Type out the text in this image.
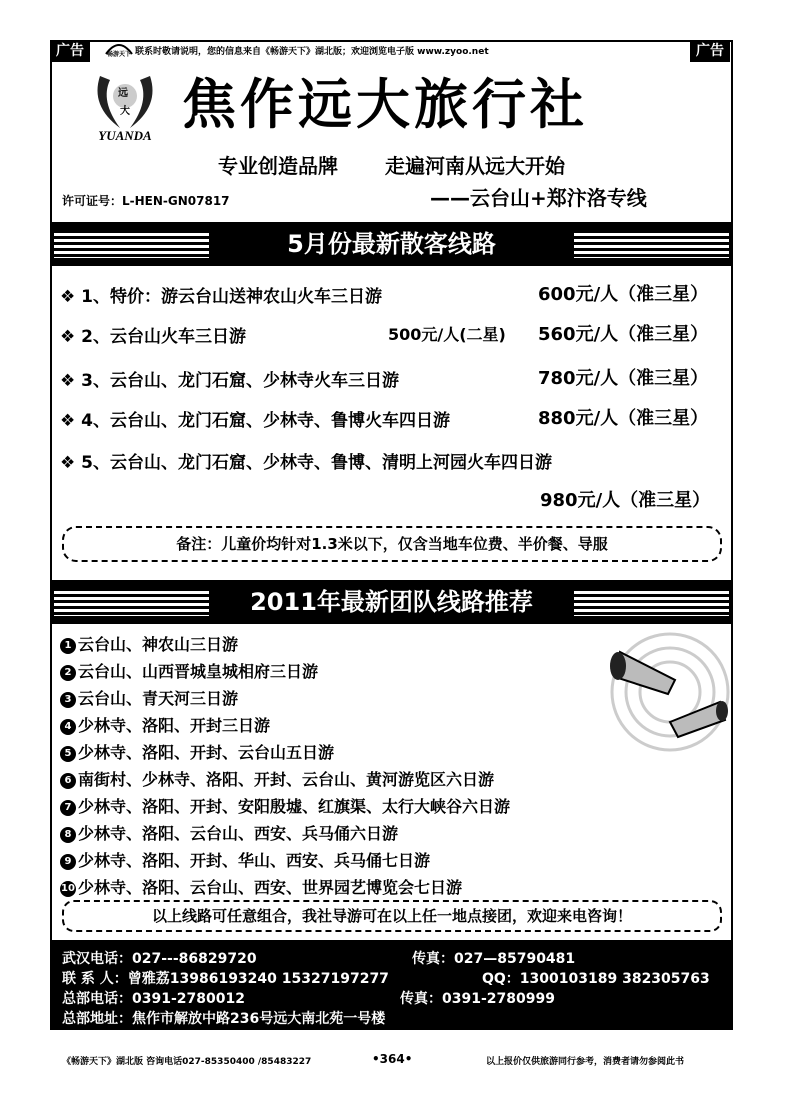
广告	广告
畅游天下 联系时敬请说明，您的信息来自《畅游天下》湖北版；欢迎浏览电子版 www.zyoo.net
远
大
YUANDA 焦作远大旅行社
专业创造品牌 走遍河南从远大开始
许可证号：L-HEN-GN07817	——云台山+郑汴洛专线
5月份最新散客线路
❖ 1、特价：游云台山送神农山火车三日游	600元/人（准三星）
❖ 2、云台山火车三日游	500元/人(二星) 560元/人（准三星）
❖ 3、云台山、龙门石窟、少林寺火车三日游	780元/人（准三星）
❖ 4、云台山、龙门石窟、少林寺、鲁博火车四日游	880元/人（准三星）
❖ 5、云台山、龙门石窟、少林寺、鲁博、清明上河园火车四日游
980元/人（准三星）
备注：儿童价均针对1.3米以下，仅含当地车位费、半价餐、导服
2011年最新团队线路推荐
1 云台山、神农山三日游
2 云台山、山西晋城皇城相府三日游
3 云台山、青天河三日游
4 少林寺、洛阳、开封三日游
5 少林寺、洛阳、开封、云台山五日游
6 南街村、少林寺、洛阳、开封、云台山、黄河游览区六日游
7 少林寺、洛阳、开封、安阳殷墟、红旗渠、太行大峡谷六日游
8 少林寺、洛阳、云台山、西安、兵马俑六日游
9 少林寺、洛阳、开封、华山、西安、兵马俑七日游
10 少林寺、洛阳、云台山、西安、世界园艺博览会七日游
以上线路可任意组合，我社导游可在以上任一地点接团，欢迎来电咨询！
武汉电话：027---86829720	传真：027—85790481
联 系 人：曾雅荔13986193240 15327197277	QQ：1300103189 382305763
总部电话：0391-2780012	传真：0391-2780999
总部地址：焦作市解放中路236号远大南北苑一号楼
《畅游天下》湖北版 咨询电话027-85350400 /85483227	•364•	以上报价仅供旅游同行参考，消费者请勿参阅此书
